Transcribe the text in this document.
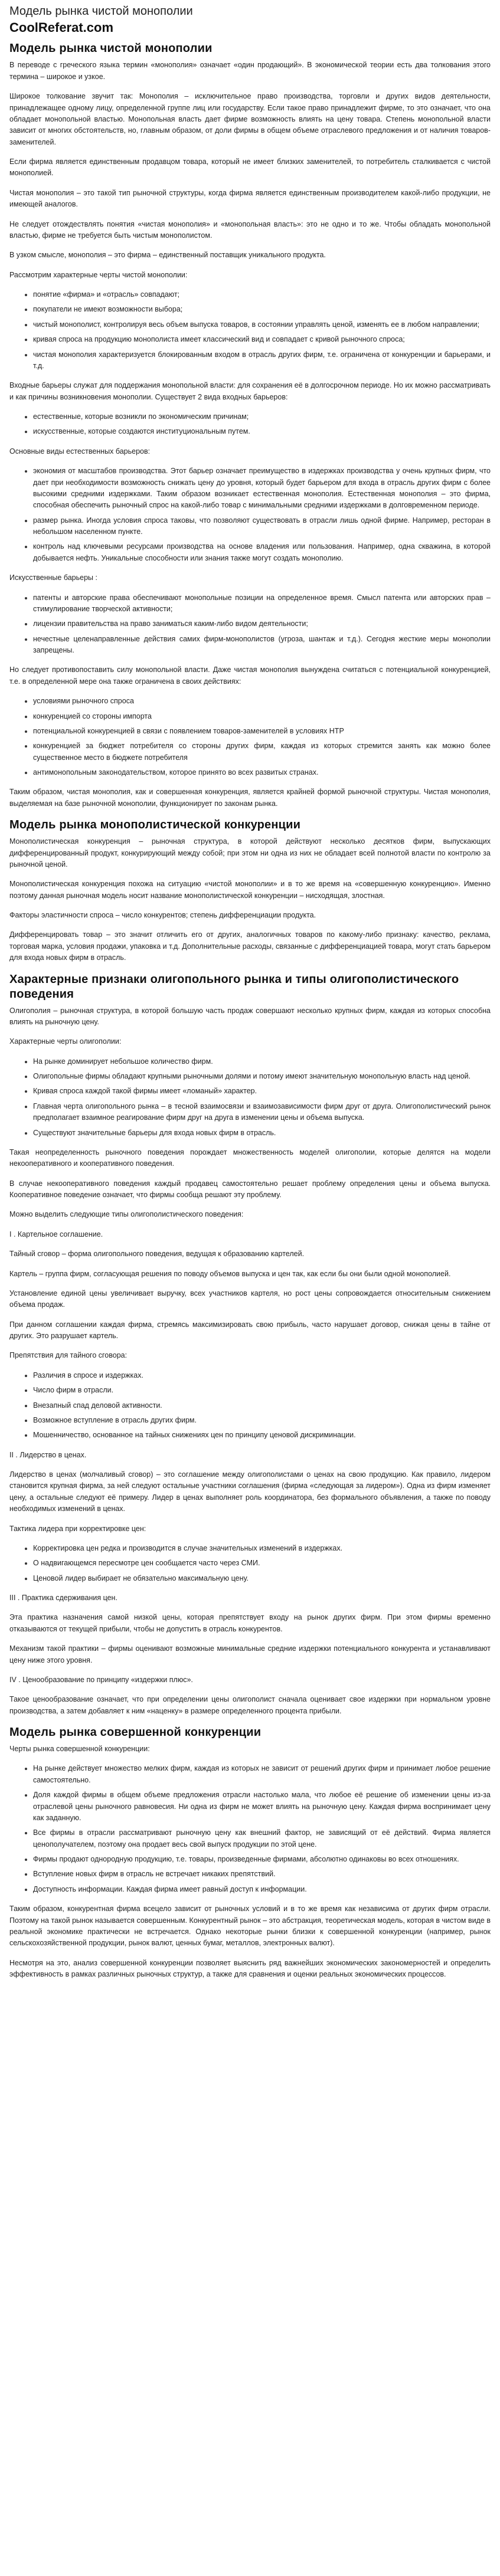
Модель рынка чистой монополии
CoolReferat.com
Модель рынка чистой монополии

В переводе с греческого языка термин «монополия» означает «один продающий». В экономической теории есть два толкования этого термина – широкое и узкое.

Широкое толкование звучит так: Монополия – исключительное право производства, торговли и других видов деятельности, принадлежащее одному лицу, определенной группе лиц или государству. Если такое право принадлежит фирме, то это означает, что она обладает монопольной властью. Монопольная власть дает фирме возможность влиять на цену товара. Степень монопольной власти зависит от многих обстоятельств, но, главным образом, от доли фирмы в общем объеме отраслевого предложения и от наличия товаров-заменителей.

Если фирма является единственным продавцом товара, который не имеет близких заменителей, то потребитель сталкивается с чистой монополией.

Чистая монополия – это такой тип рыночной структуры, когда фирма является единственным производителем какой-либо продукции, не имеющей аналогов.

Не следует отождествлять понятия «чистая монополия» и «монопольная власть»: это не одно и то же. Чтобы обладать монопольной властью, фирме не требуется быть чистым монополистом.

В узком смысле, монополия – это фирма – единственный поставщик уникального продукта.

Рассмотрим характерные черты чистой монополии:

• понятие «фирма» и «отрасль» совпадают;
• покупатели не имеют возможности выбора;
• чистый монополист, контролируя весь объем выпуска товаров, в состоянии управлять ценой, изменять ее в любом направлении;
• кривая спроса на продукцию монополиста имеет классический вид и совпадает с кривой рыночного спроса;
• чистая монополия характеризуется блокированным входом в отрасль других фирм, т.е. ограничена от конкуренции и барьерами, и т.д.

Входные барьеры служат для поддержания монопольной власти: для сохранения её в долгосрочном периоде. Но их можно рассматривать и как причины возникновения монополии. Существует 2 вида входных барьеров:

• естественные, которые возникли по экономическим причинам;
• искусственные, которые создаются институциональным путем.

Основные виды естественных барьеров:

• экономия от масштабов производства. Этот барьер означает преимущество в издержках производства у очень крупных фирм, что дает при необходимости возможность снижать цену до уровня, который будет барьером для входа в отрасль других фирм с более высокими средними издержками. Таким образом возникает естественная монополия. Естественная монополия – это фирма, способная обеспечить рыночный спрос на какой-либо товар с минимальными средними издержками в долговременном периоде.
• размер рынка. Иногда условия спроса таковы, что позволяют существовать в отрасли лишь одной фирме. Например, ресторан в небольшом населенном пункте.
• контроль над ключевыми ресурсами производства на основе владения или пользования. Например, одна скважина, в которой добывается нефть. Уникальные способности или знания также могут создать монополию.

Искусственные барьеры :

• патенты и авторские права обеспечивают монопольные позиции на определенное время. Смысл патента или авторских прав – стимулирование творческой активности;
• лицензии правительства на право заниматься каким-либо видом деятельности;
• нечестные целенаправленные действия самих фирм-монополистов (угроза, шантаж и т.д.). Сегодня жесткие меры монополии запрещены.

Но следует противопоставить силу монопольной власти. Даже чистая монополия вынуждена считаться с потенциальной конкуренцией, т.е. в определенной мере она также ограничена в своих действиях:

• условиями рыночного спроса
• конкуренцией со стороны импорта
• потенциальной конкуренцией в связи с появлением товаров-заменителей в условиях НТР
• конкуренцией за бюджет потребителя со стороны других фирм, каждая из которых стремится занять как можно более существенное место в бюджете потребителя
• антимонопольным законодательством, которое принято во всех развитых странах.

Таким образом, чистая монополия, как и совершенная конкуренция, является крайней формой рыночной структуры. Чистая монополия, выделяемая на базе рыночной монополии, функционирует по законам рынка.

Модель рынка монополистической конкуренции

Монополистическая конкуренция – рыночная структура, в которой действуют несколько десятков фирм, выпускающих дифференцированный продукт, конкурирующий между собой; при этом ни одна из них не обладает всей полнотой власти по контролю за рыночной ценой.

Монополистическая конкуренция похожа на ситуацию «чистой монополии» и в то же время на «совершенную конкуренцию». Именно поэтому данная рыночная модель носит название монополистической конкуренции – нисходящая, злостная.

Факторы эластичности спроса – число конкурентов; степень дифференциации продукта.

Дифференцировать товар – это значит отличить его от других, аналогичных товаров по какому-либо признаку: качество, реклама, торговая марка, условия продажи, упаковка и т.д. Дополнительные расходы, связанные с дифференциацией товара, могут стать барьером для входа новых фирм в отрасль.

Характерные признаки олигопольного рынка и типы олигополистического поведения

Олигополия – рыночная структура, в которой большую часть продаж совершают несколько крупных фирм, каждая из которых способна влиять на рыночную цену.

Характерные черты олигополии:

• На рынке доминирует небольшое количество фирм.
• Олигопольные фирмы обладают крупными рыночными долями и потому имеют значительную монопольную власть над ценой.
• Кривая спроса каждой такой фирмы имеет «ломаный» характер.
• Главная черта олигопольного рынка – в тесной взаимосвязи и взаимозависимости фирм друг от друга. Олигополистический рынок предполагает взаимное реагирование фирм друг на друга в изменении цены и объема выпуска.
• Существуют значительные барьеры для входа новых фирм в отрасль.

Такая неопределенность рыночного поведения порождает множественность моделей олигополии, которые делятся на модели некооперативного и кооперативного поведения.

В случае некооперативного поведения каждый продавец самостоятельно решает проблему определения цены и объема выпуска. Кооперативное поведение означает, что фирмы сообща решают эту проблему.

Можно выделить следующие типы олигополистического поведения:

I . Картельное соглашение.

Тайный сговор – форма олигопольного поведения, ведущая к образованию картелей.

Картель – группа фирм, согласующая решения по поводу объемов выпуска и цен так, как если бы они были одной монополией.

Установление единой цены увеличивает выручку, всех участников картеля, но рост цены сопровождается относительным снижением объема продаж.

При данном соглашении каждая фирма, стремясь максимизировать свою прибыль, часто нарушает договор, снижая цены в тайне от других. Это разрушает картель.

Препятствия для тайного сговора:

• Различия в спросе и издержках.
• Число фирм в отрасли.
• Внезапный спад деловой активности.
• Возможное вступление в отрасль других фирм.
• Мошенничество, основанное на тайных снижениях цен по принципу ценовой дискриминации.

II . Лидерство в ценах.

Лидерство в ценах (молчаливый сговор) – это соглашение между олигополистами о ценах на свою продукцию. Как правило, лидером становится крупная фирма, за ней следуют остальные участники соглашения (фирма «следующая за лидером»). Одна из фирм изменяет цену, а остальные следуют её примеру. Лидер в ценах выполняет роль координатора, без формального объявления, а также по поводу необходимых изменений в ценах.

Тактика лидера при корректировке цен:

• Корректировка цен редка и производится в случае значительных изменений в издержках.
• О надвигающемся пересмотре цен сообщается часто через СМИ.
• Ценовой лидер выбирает не обязательно максимальную цену.

III . Практика сдерживания цен.

Эта практика назначения самой низкой цены, которая препятствует входу на рынок других фирм. При этом фирмы временно отказываются от текущей прибыли, чтобы не допустить в отрасль конкурентов.

Механизм такой практики – фирмы оценивают возможные минимальные средние издержки потенциального конкурента и устанавливают цену ниже этого уровня.

IV . Ценообразование по принципу «издержки плюс».

Такое ценообразование означает, что при определении цены олигополист сначала оценивает свое издержки при нормальном уровне производства, а затем добавляет к ним «наценку» в размере определенного процента прибыли.

Модель рынка совершенной конкуренции

Черты рынка совершенной конкуренции:

• На рынке действует множество мелких фирм, каждая из которых не зависит от решений других фирм и принимает любое решение самостоятельно.
• Доля каждой фирмы в общем объеме предложения отрасли настолько мала, что любое её решение об изменении цены из-за отраслевой цены рыночного равновесия. Ни одна из фирм не может влиять на рыночную цену. Каждая фирма воспринимает цену как заданную.
• Все фирмы в отрасли рассматривают рыночную цену как внешний фактор, не зависящий от её действий. Фирма является ценополучателем, поэтому она продает весь свой выпуск продукции по этой цене.
• Фирмы продают однородную продукцию, т.е. товары, произведенные фирмами, абсолютно одинаковы во всех отношениях.
• Вступление новых фирм в отрасль не встречает никаких препятствий.
• Доступность информации. Каждая фирма имеет равный доступ к информации.

Таким образом, конкурентная фирма всецело зависит от рыночных условий и в то же время как независима от других фирм отрасли. Поэтому на такой рынок называется совершенным. Конкурентный рынок – это абстракция, теоретическая модель, которая в чистом виде в реальной экономике практически не встречается. Однако некоторые рынки близки к совершенной конкуренции (например, рынок сельскохозяйственной продукции, рынок валют, ценных бумаг, металлов, электронных валют).

Несмотря на это, анализ совершенной конкуренции позволяет выяснить ряд важнейших экономических закономерностей и определить эффективность в рамках различных рыночных структур, а также для сравнения и оценки реальных экономических процессов.
